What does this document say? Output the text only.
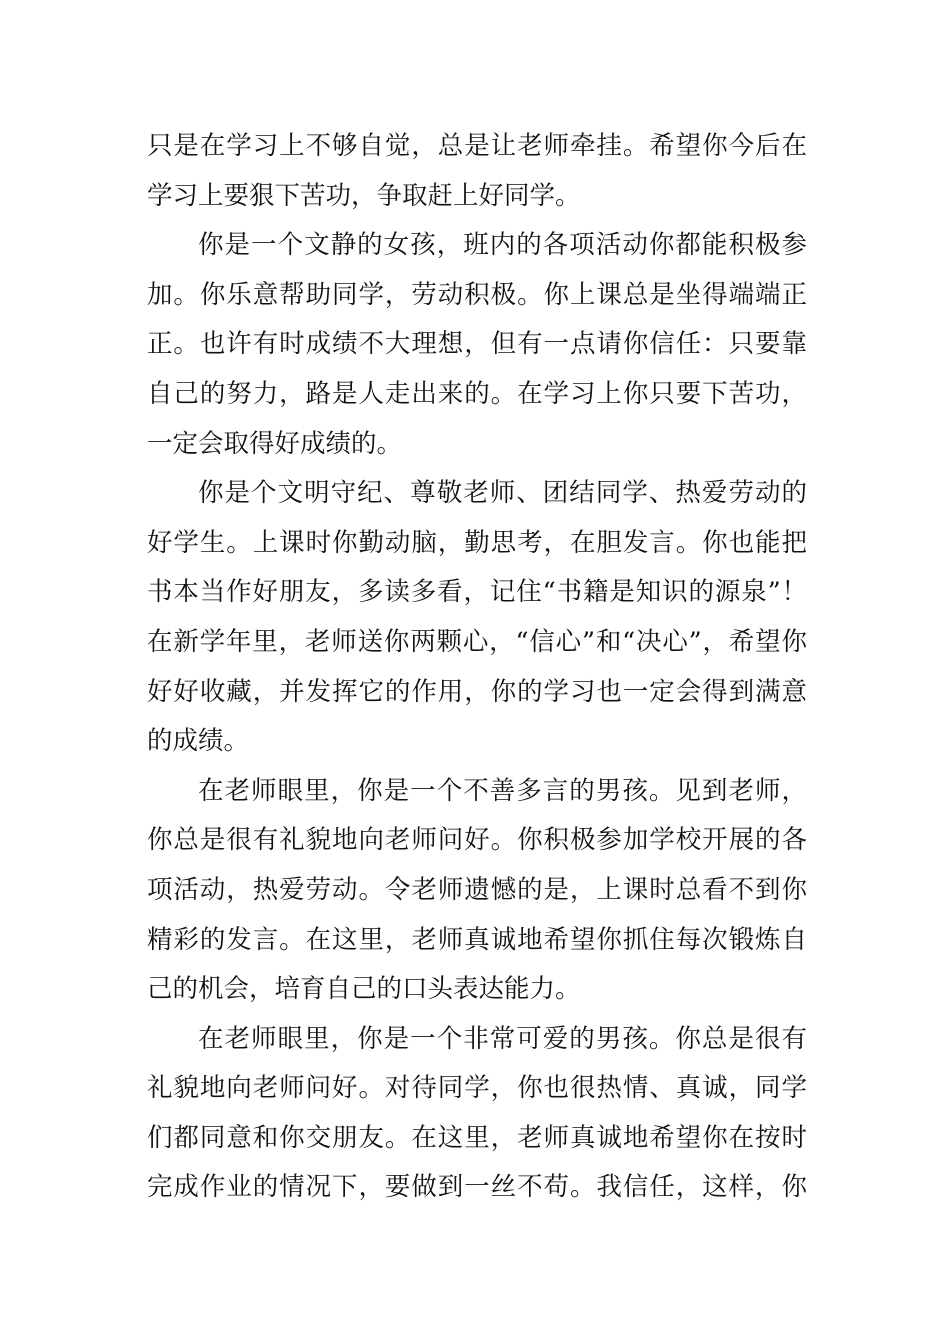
只是在学习上不够自觉，总是让老师牵挂。希望你今后在学习上要狠下苦功，争取赶上好同学。

你是一个文静的女孩，班内的各项活动你都能积极参加。你乐意帮助同学，劳动积极。你上课总是坐得端端正正。也许有时成绩不大理想，但有一点请你信任：只要靠自己的努力，路是人走出来的。在学习上你只要下苦功，一定会取得好成绩的。

你是个文明守纪、尊敬老师、团结同学、热爱劳动的好学生。上课时你勤动脑，勤思考，在胆发言。你也能把书本当作好朋友，多读多看，记住“书籍是知识的源泉”！在新学年里，老师送你两颗心，“信心”和“决心”，希望你好好收藏，并发挥它的作用，你的学习也一定会得到满意的成绩。

在老师眼里，你是一个不善多言的男孩。见到老师，你总是很有礼貌地向老师问好。你积极参加学校开展的各项活动，热爱劳动。令老师遗憾的是，上课时总看不到你精彩的发言。在这里，老师真诚地希望你抓住每次锻炼自己的机会，培育自己的口头表达能力。

在老师眼里，你是一个非常可爱的男孩。你总是很有礼貌地向老师问好。对待同学，你也很热情、真诚，同学们都同意和你交朋友。在这里，老师真诚地希望你在按时完成作业的情况下，要做到一丝不苟。我信任，这样，你
